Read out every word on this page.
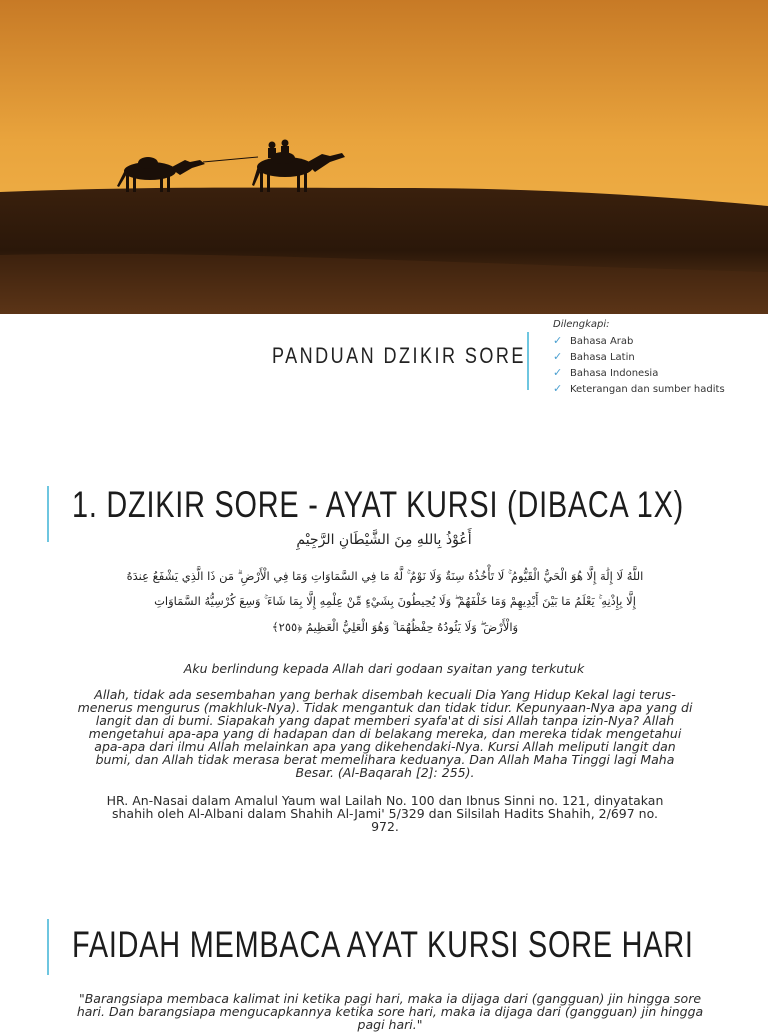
PANDUAN DZIKIR SORE
Dilengkapi:
✓ Bahasa Arab
✓ Bahasa Latin
✓ Bahasa Indonesia
✓ Keterangan dan sumber hadits
1. DZIKIR SORE - AYAT KURSI (DIBACA 1X)
أَعُوْذُ بِاللهِ مِنَ الشَّيْطَانِ الرَّجِيْمِ
اللَّهُ لَا إِلَٰهَ إِلَّا هُوَ الْحَيُّ الْقَيُّومُ ۚ لَا تَأْخُذُهُ سِنَةٌ وَلَا نَوْمٌ ۚ لَّهُ مَا فِي السَّمَاوَاتِ وَمَا فِي الْأَرْضِ ۗ مَن ذَا الَّذِي يَشْفَعُ عِندَهُ
إِلَّا بِإِذْنِهِ ۚ يَعْلَمُ مَا بَيْنَ أَيْدِيهِمْ وَمَا خَلْفَهُمْ ۖ وَلَا يُحِيطُونَ بِشَيْءٍ مِّنْ عِلْمِهِ إِلَّا بِمَا شَاءَ ۚ وَسِعَ كُرْسِيُّهُ السَّمَاوَاتِ
وَالْأَرْضَ ۖ وَلَا يَئُودُهُ حِفْظُهُمَا ۚ وَهُوَ الْعَلِيُّ الْعَظِيمُ ﴿٢٥٥﴾
Aku berlindung kepada Allah dari godaan syaitan yang terkutuk
Allah, tidak ada sesembahan yang berhak disembah kecuali Dia Yang Hidup Kekal lagi terus-
menerus mengurus (makhluk-Nya). Tidak mengantuk dan tidak tidur. Kepunyaan-Nya apa yang di
langit dan di bumi. Siapakah yang dapat memberi syafa'at di sisi Allah tanpa izin-Nya? Allah
mengetahui apa-apa yang di hadapan dan di belakang mereka, dan mereka tidak mengetahui
apa-apa dari ilmu Allah melainkan apa yang dikehendaki-Nya. Kursi Allah meliputi langit dan
bumi, dan Allah tidak merasa berat memelihara keduanya. Dan Allah Maha Tinggi lagi Maha
Besar. (Al-Baqarah [2]: 255).
HR. An-Nasai dalam Amalul Yaum wal Lailah No. 100 dan Ibnus Sinni no. 121, dinyatakan
shahih oleh Al-Albani dalam Shahih Al-Jami' 5/329 dan Silsilah Hadits Shahih, 2/697 no.
972.
FAIDAH MEMBACA AYAT KURSI SORE HARI
"Barangsiapa membaca kalimat ini ketika pagi hari, maka ia dijaga dari (gangguan) jin hingga sore
hari. Dan barangsiapa mengucapkannya ketika sore hari, maka ia dijaga dari (gangguan) jin hingga
pagi hari."
